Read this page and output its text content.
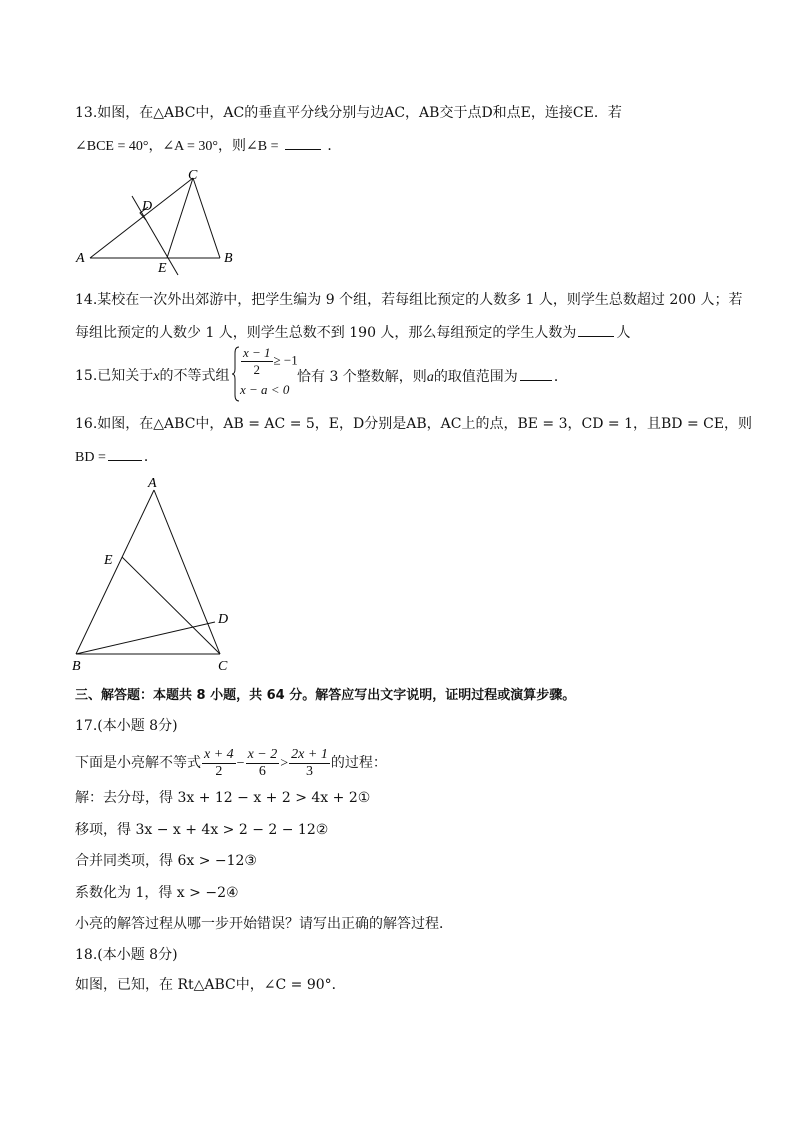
13.如图，在△ABC中，AC的垂直平分线分别与边AC，AB交于点D和点E，连接CE．若
∠BCE = 40°，∠A = 30°，则∠B =	．
C
D
A	B
E
14.某校在一次外出郊游中，把学生编为 9 个组，若每组比预定的人数多 1 人，则学生总数超过 200 人；若
每组比预定的人数少 1 人，则学生总数不到 190 人，那么每组预定的学生人数为	人
15.已知关于x的不等式组 $\frac{x - 1}{2} \ge -1$
x − a < 0
恰有 3 个整数解，则a的取值范围为	．
16.如图，在△ABC中，AB = AC = 5，E，D分别是AB，AC上的点，BE = 3，CD = 1，且BD = CE，则
BD =	．
A
E
D
B	C
三、解答题：本题共 8 小题，共 64 分。解答应写出文字说明，证明过程或演算步骤。
17.(本小题 8分)
下面是小亮解不等式 $\frac{x + 4}{2} - \frac{x - 2}{6} > \frac{2x + 1}{3}$ 的过程：
解：去分母，得 3x + 12 − x + 2 > 4x + 2①
移项，得 3x − x + 4x > 2 − 2 − 12②
合并同类项，得 6x > −12③
系数化为 1，得 x > −2④
小亮的解答过程从哪一步开始错误？请写出正确的解答过程．
18.(本小题 8分)
如图，已知，在 Rt△ABC中，∠C = 90°．
